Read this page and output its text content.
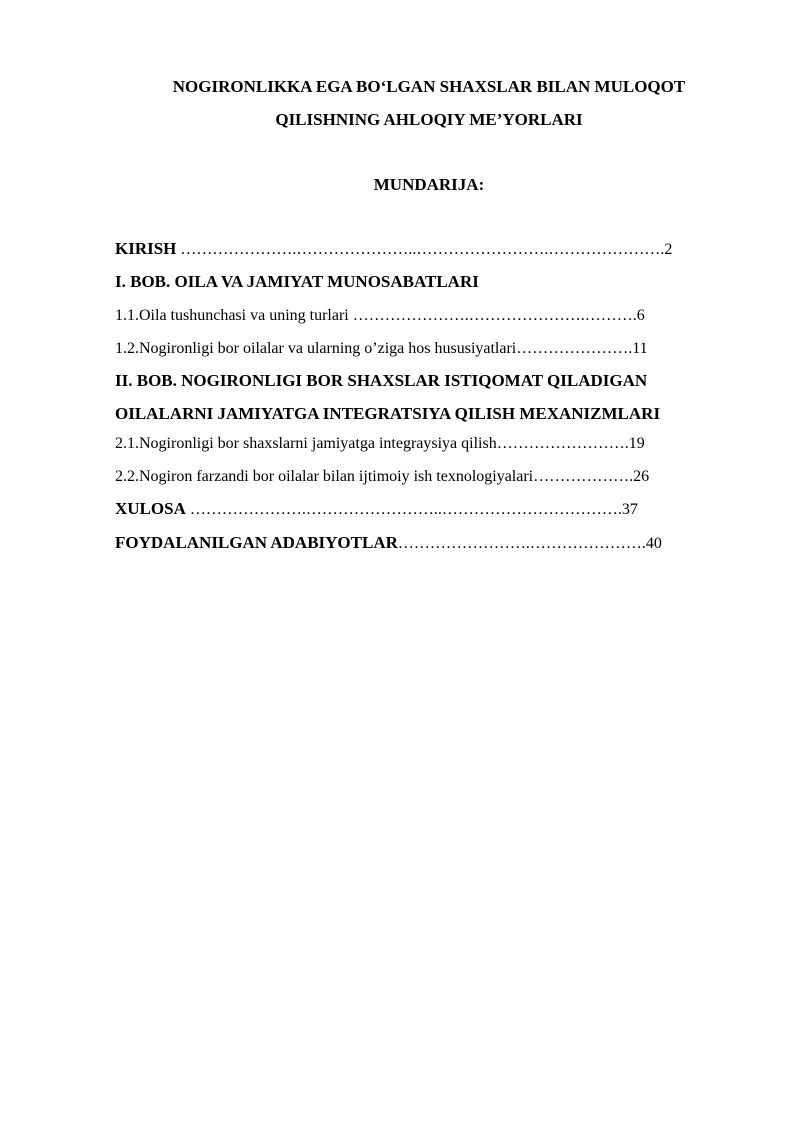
NOGIRONLIKKA EGA BO‘LGAN SHAXSLAR BILAN MULOQOT
QILISHNING AHLOQIY ME’YORLARI
MUNDARIJA:
KIRISH ………………….…………………..…………………….………………….2
I. BOB. OILA VA JAMIYAT MUNOSABATLARI
1.1.Oila tushunchasi va uning turlari ………………….………………….……….6
1.2.Nogironligi bor oilalar va ularning o’ziga hos hususiyatlari………………….11
II. BOB. NOGIRONLIGI BOR SHAXSLAR ISTIQOMAT QILADIGAN
OILALARNI JAMIYATGA INTEGRATSIYA QILISH MEXANIZMLARI
2.1.Nogironligi bor shaxslarni jamiyatga integraysiya qilish…………………….19
2.2.Nogiron farzandi bor oilalar bilan ijtimoiy ish texnologiyalari……………….26
XULOSA ………………….……………………..…………………………….37
FOYDALANILGAN ADABIYOTLAR…………………….………………….40
